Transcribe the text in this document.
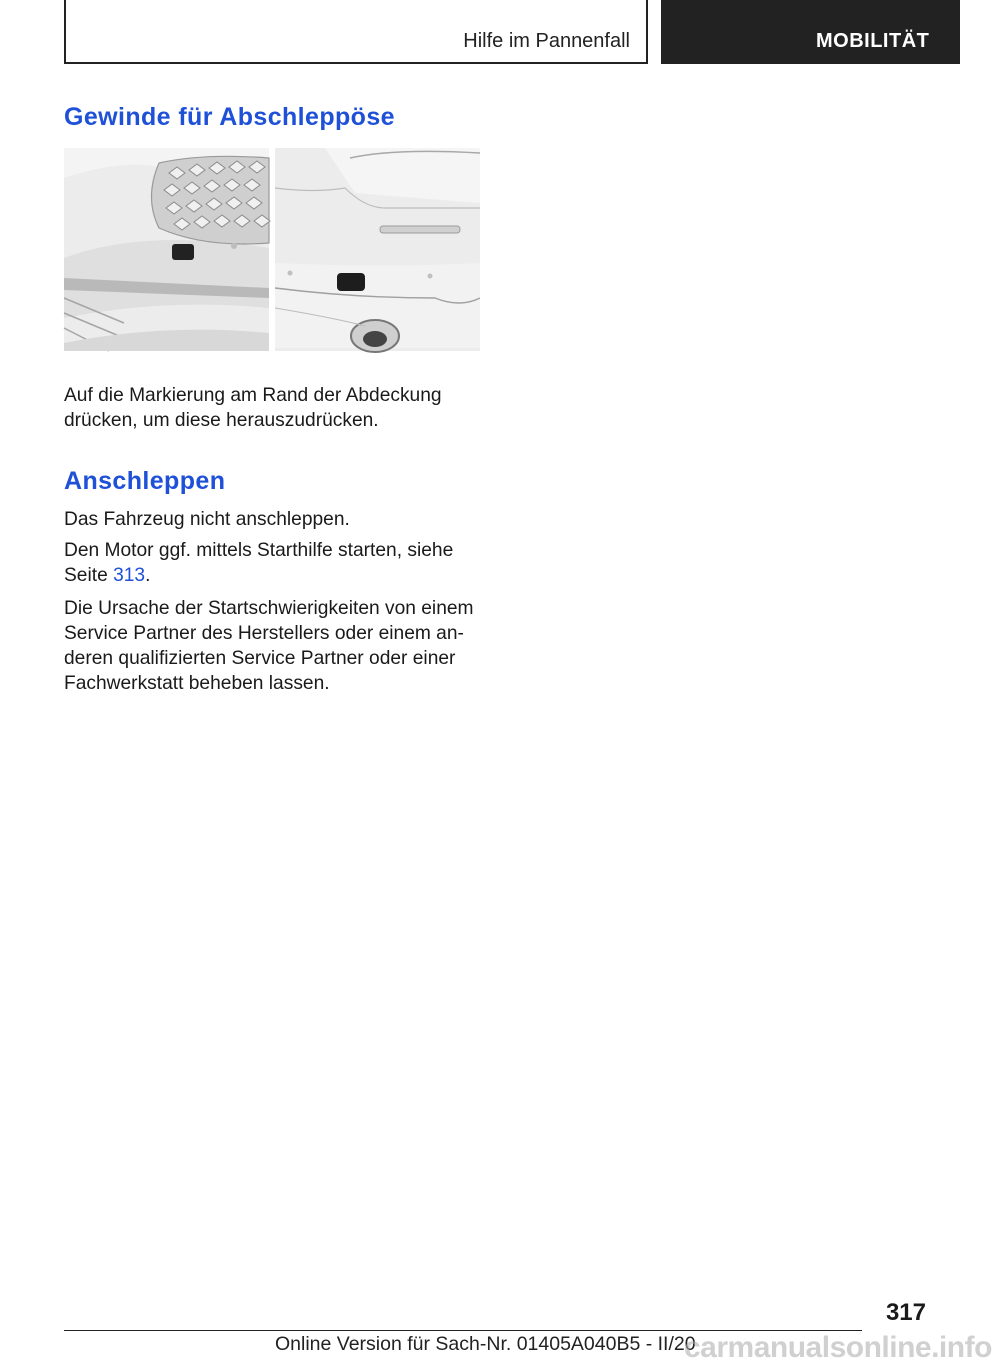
Hilfe im Pannenfall	MOBILITÄT
Gewinde für Abschleppöse

Auf die Markierung am Rand der Abdeckung drücken, um diese herauszudrücken.

Anschleppen

Das Fahrzeug nicht anschleppen.

Den Motor ggf. mittels Starthilfe starten, siehe Seite 313.

Die Ursache der Startschwierigkeiten von einem Service Partner des Herstellers oder einem anderen qualifizierten Service Partner oder einer Fachwerkstatt beheben lassen.

317
Online Version für Sach-Nr. 01405A040B5 - II/20
carmanualsonline.info
